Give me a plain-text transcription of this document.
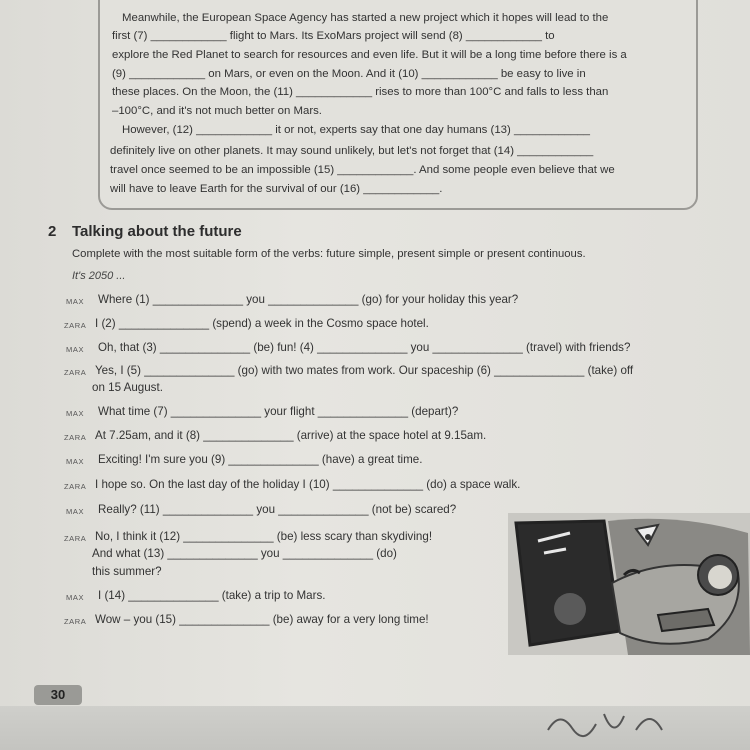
Meanwhile, the European Space Agency has started a new project which it hopes will lead to the
first (7) ____________ flight to Mars. Its ExoMars project will send (8) ____________ to
explore the Red Planet to search for resources and even life. But it will be a long time before there is a
(9) ____________ on Mars, or even on the Moon. And it (10) ____________ be easy to live in
these places. On the Moon, the (11) ____________ rises to more than 100°C and falls to less than
–100°C, and it's not much better on Mars.
However, (12) ____________ it or not, experts say that one day humans (13) ____________
definitely live on other planets. It may sound unlikely, but let's not forget that (14) ____________
travel once seemed to be an impossible (15) ____________. And some people even believe that we
will have to leave Earth for the survival of our (16) ____________.
2 Talking about the future
Complete with the most suitable form of the verbs: future simple, present simple or present continuous.
It's 2050 ...
MAX Where (1) ______________ you ______________ (go) for your holiday this year?
ZARA I (2) ______________ (spend) a week in the Cosmo space hotel.
MAX Oh, that (3) ______________ (be) fun! (4) ______________ you ______________ (travel) with friends?
ZARA Yes, I (5) ______________ (go) with two mates from work. Our spaceship (6) ______________ (take) off
on 15 August.
MAX What time (7) ______________ your flight ______________ (depart)?
ZARA At 7.25am, and it (8) ______________ (arrive) at the space hotel at 9.15am.
MAX Exciting! I'm sure you (9) ______________ (have) a great time.
ZARA I hope so. On the last day of the holiday I (10) ______________ (do) a space walk.
MAX Really? (11) ______________ you ______________ (not be) scared?
ZARA No, I think it (12) ______________ (be) less scary than skydiving!
And what (13) ______________ you ______________ (do)
this summer?
MAX I (14) ______________ (take) a trip to Mars.
ZARA Wow – you (15) ______________ (be) away for a very long time!
30
